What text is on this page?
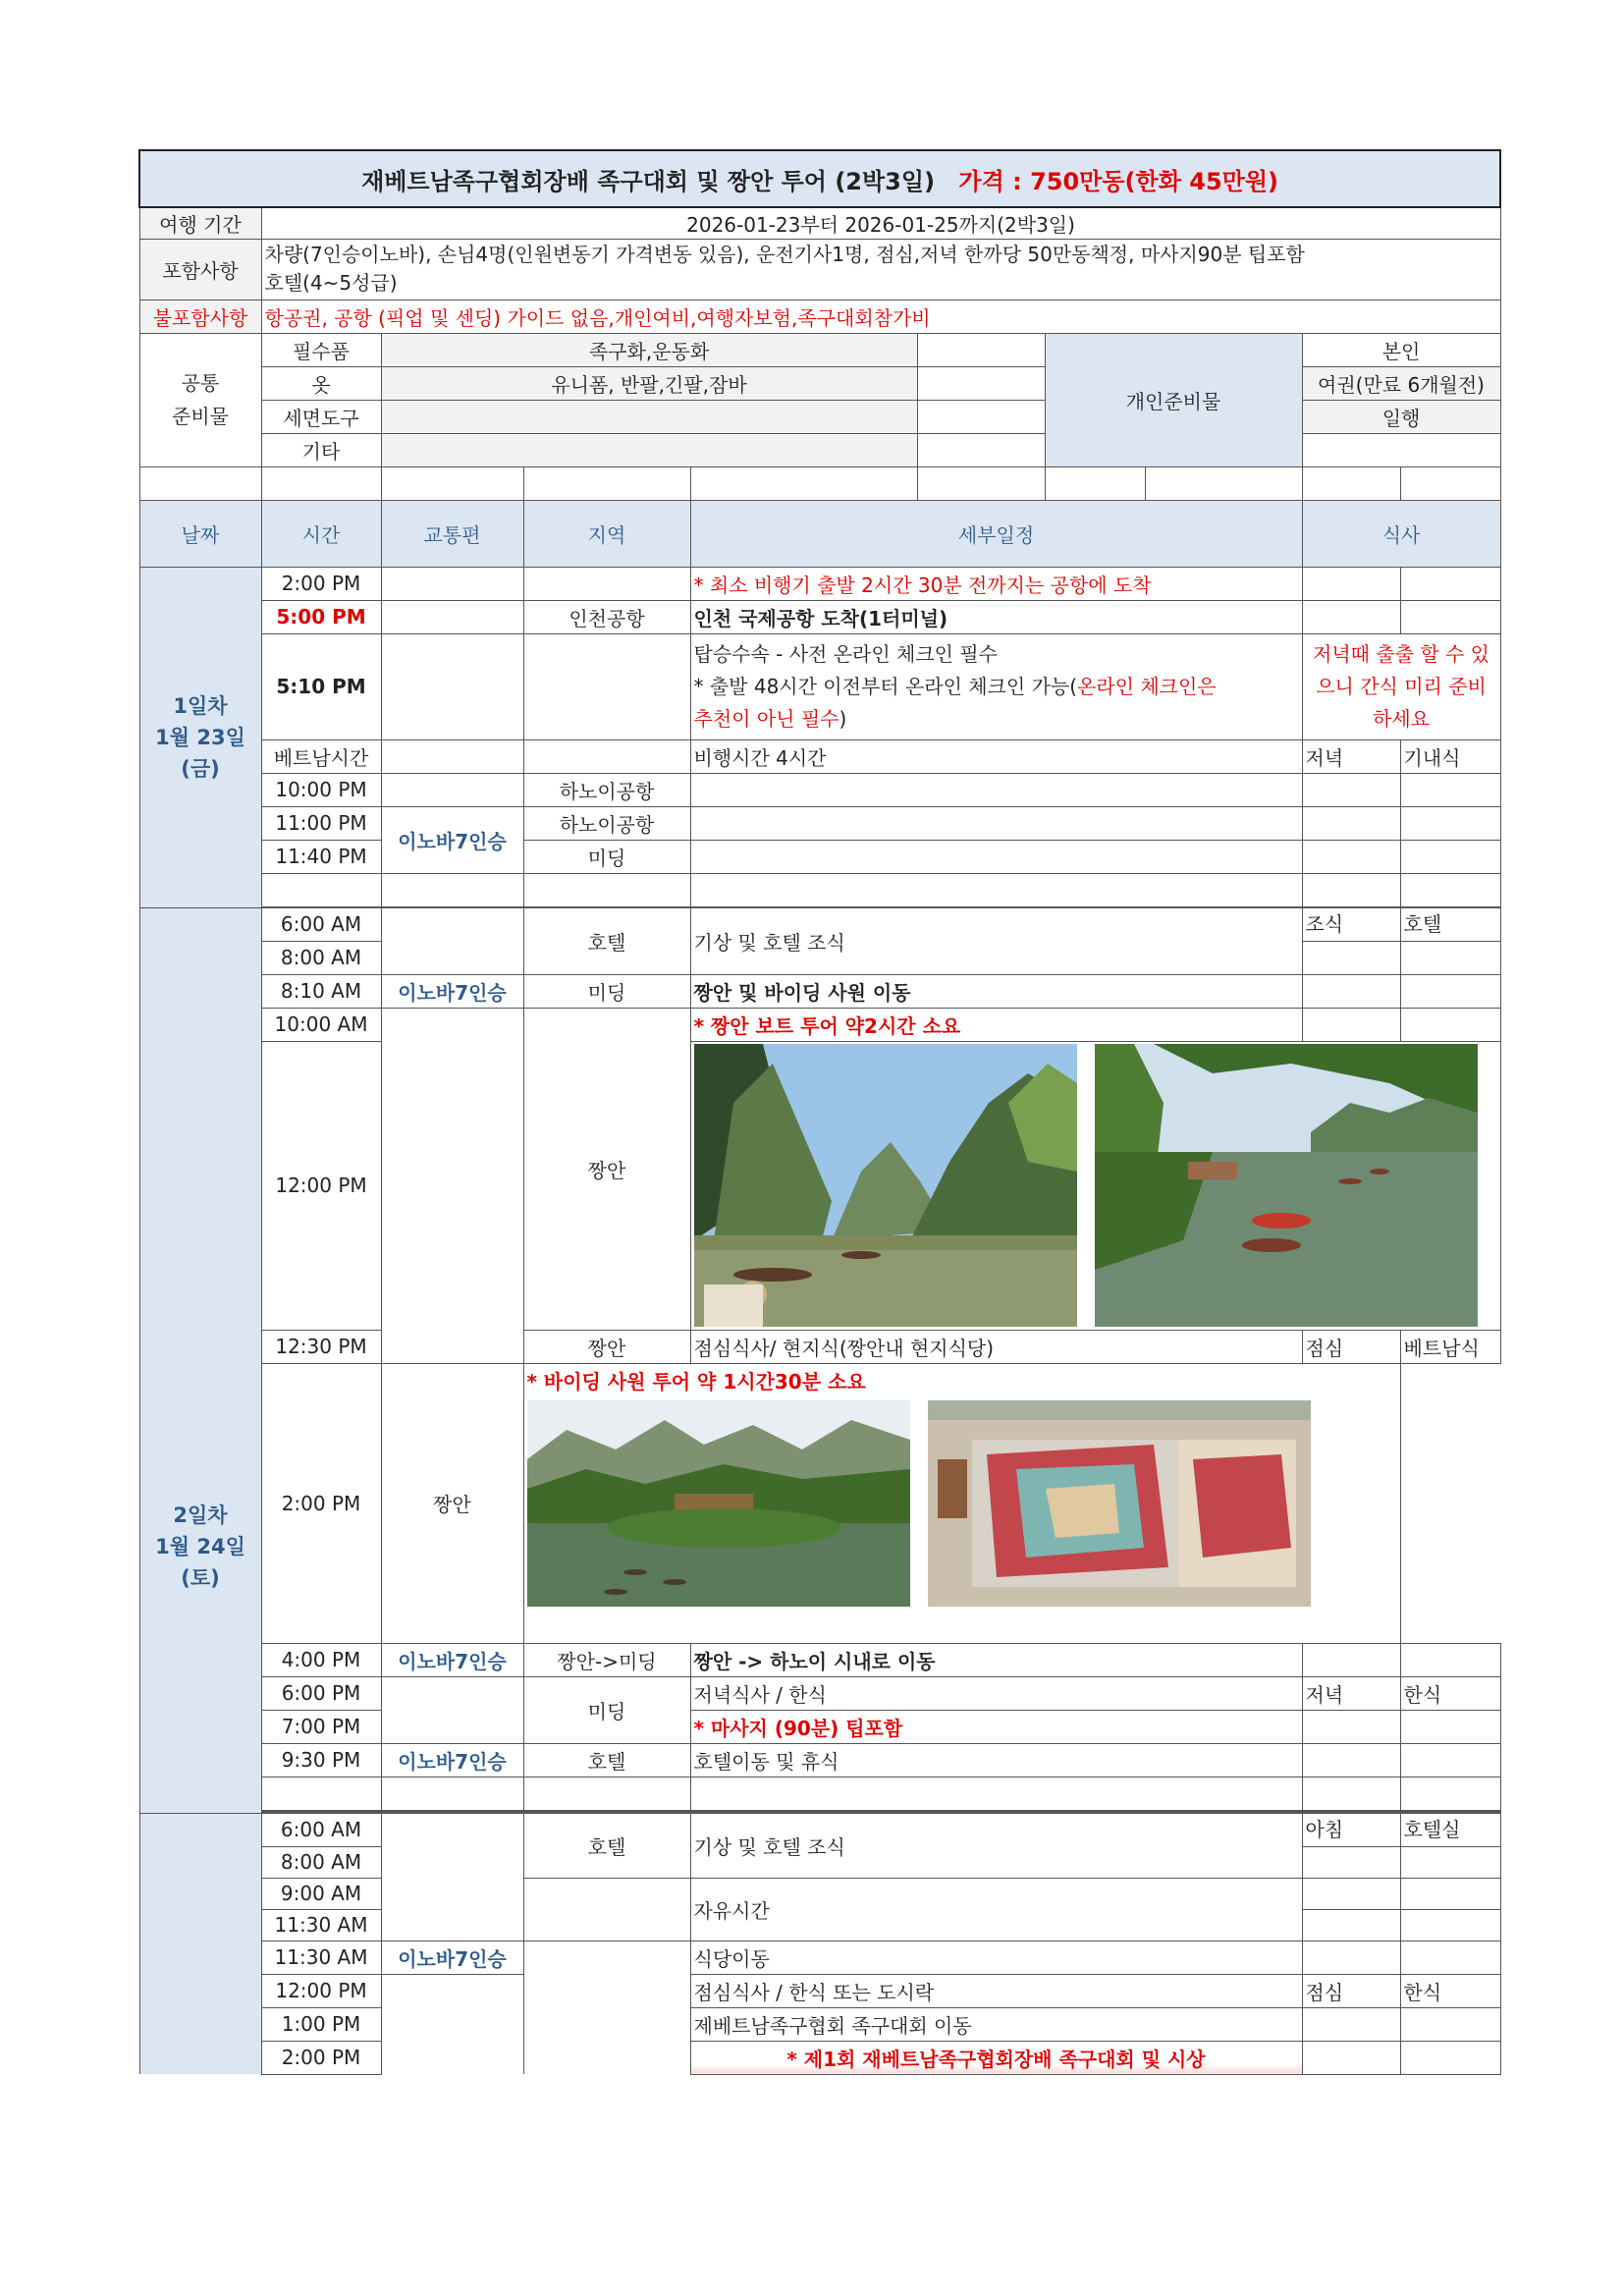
재베트남족구협회장배 족구대회 및 짱안 투어 (2박3일) 가격 : 750만동(한화 45만원)									
여행 기간	2026-01-23부터 2026-01-25까지(2박3일)								
포함사항	차량(7인승이노바), 손님4명(인원변동기 가격변동 있음), 운전기사1명, 점심,저녁 한까당 50만동책정, 마사지90분 팁포함
호텔(4~5성급)								

불포함사항	항공권, 공항 (픽업 및 센딩) 가이드 없음,개인여비,여행자보험,족구대회참가비								

공통
준비물	필수품	족구화,운동화				개인준비물		본인	
	옷	유니폼, 반팔,긴팔,잠바						여권(만료 6개월전)	
	세면도구							일행	
	기타								

날짜	시간	교통편	지역	세부일정				식사	

1일차
1월 23일
(금)	2:00 PM			* 최소 비행기 출발 2시간 30분 전까지는 공항에 도착					
	5:00 PM		인천공항	인천 국제공항 도착(1터미널)					
	5:10 PM			탑승수속 - 사전 온라인 체크인 필수
* 출발 48시간 이전부터 온라인 체크인 가능(온라인 체크인은
추천이 아닌 필수)				저녁때 출출 할 수 있으니 간식 미리 준비 하세요	
	베트남시간			비행시간 4시간				저녁	기내식
	10:00 PM		하노이공항						
	11:00 PM	이노바7인승	하노이공항						
	11:40 PM		미딩						

2일차
1월 24일
(토)	6:00 AM		호텔	기상 및 호텔 조식				조식	호텔
	8:00 AM								
	8:10 AM	이노바7인승	미딩	짱안 및 바이딩 사원 이동					
	10:00 AM		짱안	* 짱안 보트 투어 약2시간 소요					
	12:00 PM	
	12:30 PM		짱안	점심식사/ 현지식(짱안내 현지식당)				점심	베트남식
	2:00 PM	짱안	* 바이딩 사원 투어 약 1시간30분 소요						

	4:00 PM	이노바7인승	짱안->미딩	짱안 -> 하노이 시내로 이동					
	6:00 PM		미딩	저녁식사 / 한식				저녁	한식
	7:00 PM			* 마사지 (90분) 팁포함					
	9:30 PM	이노바7인승	호텔	호텔이동 및 휴식					

	6:00 AM		호텔	기상 및 호텔 조식				아침	호텔실
	8:00 AM								
	9:00 AM			자유시간					
	11:30 AM								
	11:30 AM	이노바7인승		식당이동					
	12:00 PM			점심식사 / 한식 또는 도시락				점심	한식
	1:00 PM			제베트남족구협회 족구대회 이동					
	2:00 PM			* 제1회 재베트남족구협회장배 족구대회 및 시상					
